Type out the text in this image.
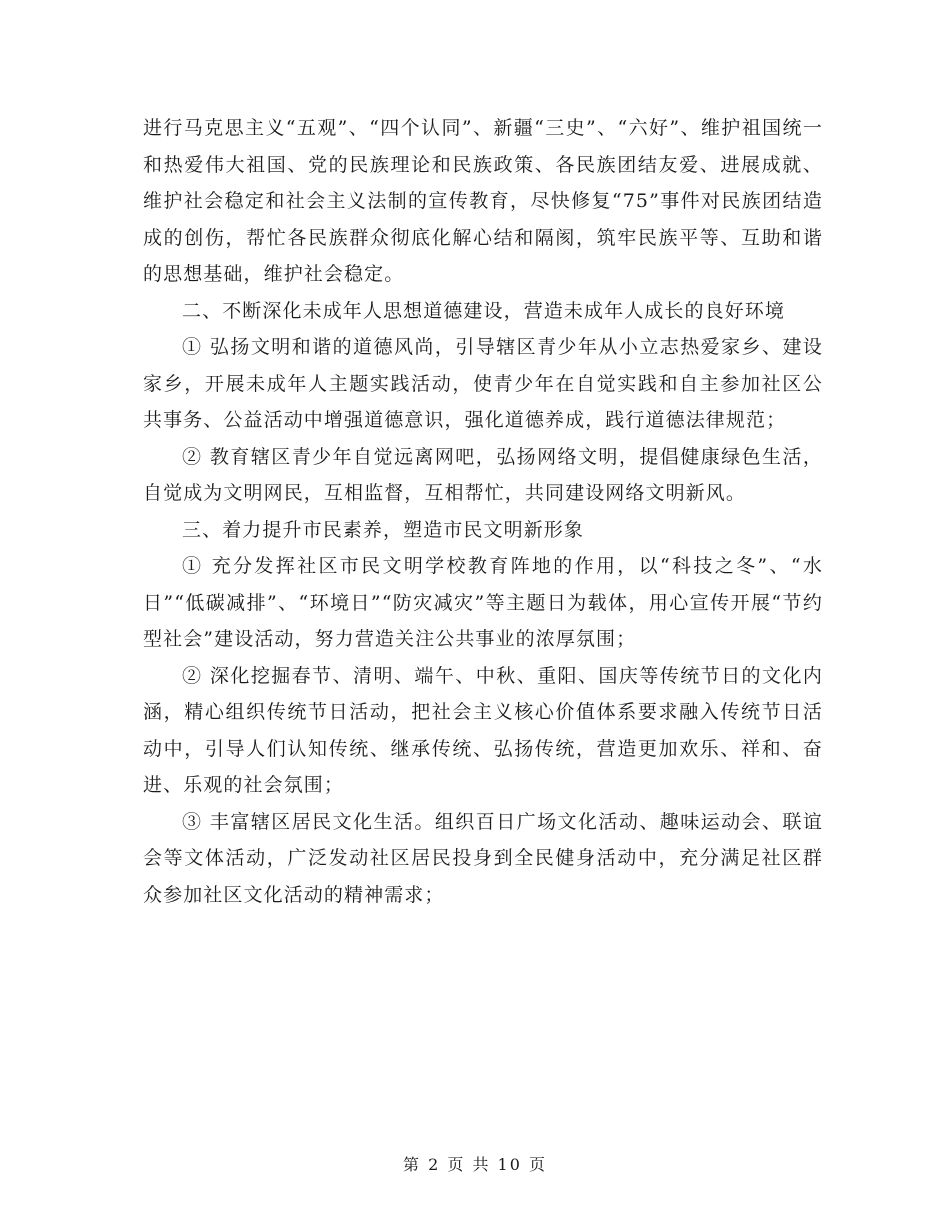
进行马克思主义“五观”、“四个认同”、新疆“三史”、“六好”、维护祖国统一和热爱伟大祖国、党的民族理论和民族政策、各民族团结友爱、进展成就、维护社会稳定和社会主义法制的宣传教育，尽快修复“75”事件对民族团结造成的创伤，帮忙各民族群众彻底化解心结和隔阂，筑牢民族平等、互助和谐的思想基础，维护社会稳定。

二、不断深化未成年人思想道德建设，营造未成年人成长的良好环境

① 弘扬文明和谐的道德风尚，引导辖区青少年从小立志热爱家乡、建设家乡，开展未成年人主题实践活动，使青少年在自觉实践和自主参加社区公共事务、公益活动中增强道德意识，强化道德养成，践行道德法律规范；

② 教育辖区青少年自觉远离网吧，弘扬网络文明，提倡健康绿色生活，自觉成为文明网民，互相监督，互相帮忙，共同建设网络文明新风。

三、着力提升市民素养，塑造市民文明新形象

① 充分发挥社区市民文明学校教育阵地的作用，以“科技之冬”、“水日”“低碳减排”、“环境日”“防灾减灾”等主题日为载体，用心宣传开展“节约型社会”建设活动，努力营造关注公共事业的浓厚氛围；

② 深化挖掘春节、清明、端午、中秋、重阳、国庆等传统节日的文化内涵，精心组织传统节日活动，把社会主义核心价值体系要求融入传统节日活动中，引导人们认知传统、继承传统、弘扬传统，营造更加欢乐、祥和、奋进、乐观的社会氛围；

③ 丰富辖区居民文化生活。组织百日广场文化活动、趣味运动会、联谊会等文体活动，广泛发动社区居民投身到全民健身活动中，充分满足社区群众参加社区文化活动的精神需求；

第 2 页 共 10 页
